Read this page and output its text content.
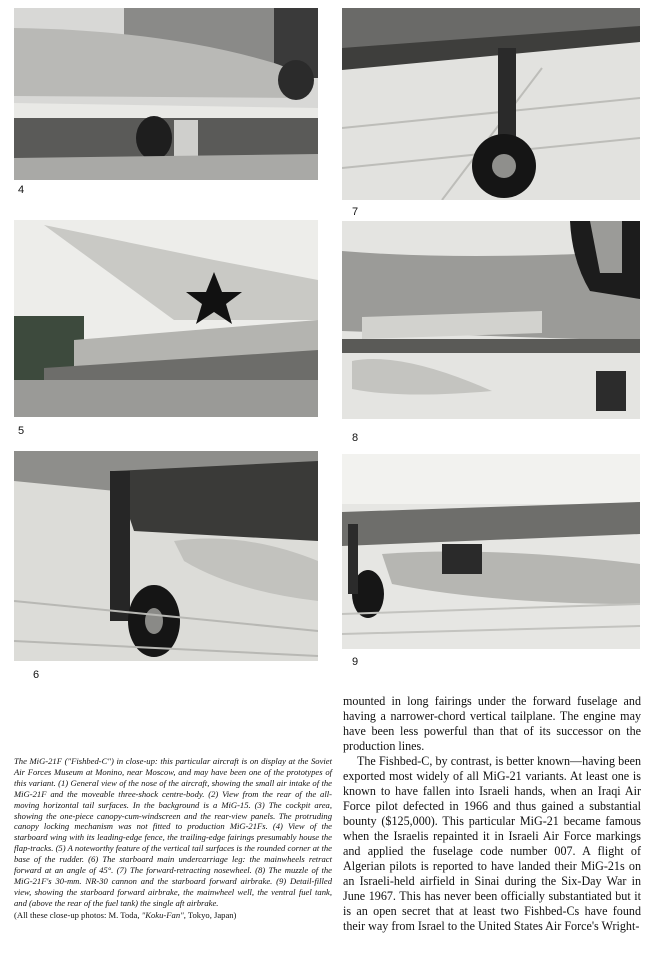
4
7
5
8
6
9
The MiG-21F ("Fishbed-C") in close-up: this particular aircraft is on display at the Soviet Air Forces Museum at Monino, near Moscow, and may have been one of the prototypes of this variant. (1) General view of the nose of the aircraft, showing the small air intake of the MiG-21F and the moveable three-shock centre-body. (2) View from the rear of the all-moving horizontal tail surfaces. In the background is a MiG-15. (3) The cockpit area, showing the one-piece canopy-cum-windscreen and the rear-view panels. The protruding canopy locking mechanism was not fitted to production MiG-21Fs. (4) View of the starboard wing with its leading-edge fence, the trailing-edge fairings presumably house the flap-tracks. (5) A noteworthy feature of the vertical tail surfaces is the rounded corner at the base of the rudder. (6) The starboard main undercarriage leg: the mainwheels retract forward at an angle of 45°. (7) The forward-retracting nosewheel. (8) The muzzle of the MiG-21F's 30-mm. NR-30 cannon and the starboard forward airbrake. (9) Detail-filled view, showing the starboard forward airbrake, the mainwheel well, the ventral fuel tank, and (above the rear of the fuel tank) the single aft airbrake.
(All these close-up photos: M. Toda, "Koku-Fan", Tokyo, Japan)

mounted in long fairings under the forward fuselage and having a narrower-chord vertical tailplane. The engine may have been less powerful than that of its successor on the production lines.

The Fishbed-C, by contrast, is better known—having been exported most widely of all MiG-21 variants. At least one is known to have fallen into Israeli hands, when an Iraqi Air Force pilot defected in 1966 and thus gained a substantial bounty ($125,000). This particular MiG-21 became famous when the Israelis repainted it in Israeli Air Force markings and applied the fuselage code number 007. A flight of Algerian pilots is reported to have landed their MiG-21s on an Israeli-held airfield in Sinai during the Six-Day War in June 1967. This has never been officially substantiated but it is an open secret that at least two Fishbed-Cs have found their way from Israel to the United States Air Force's Wright-
